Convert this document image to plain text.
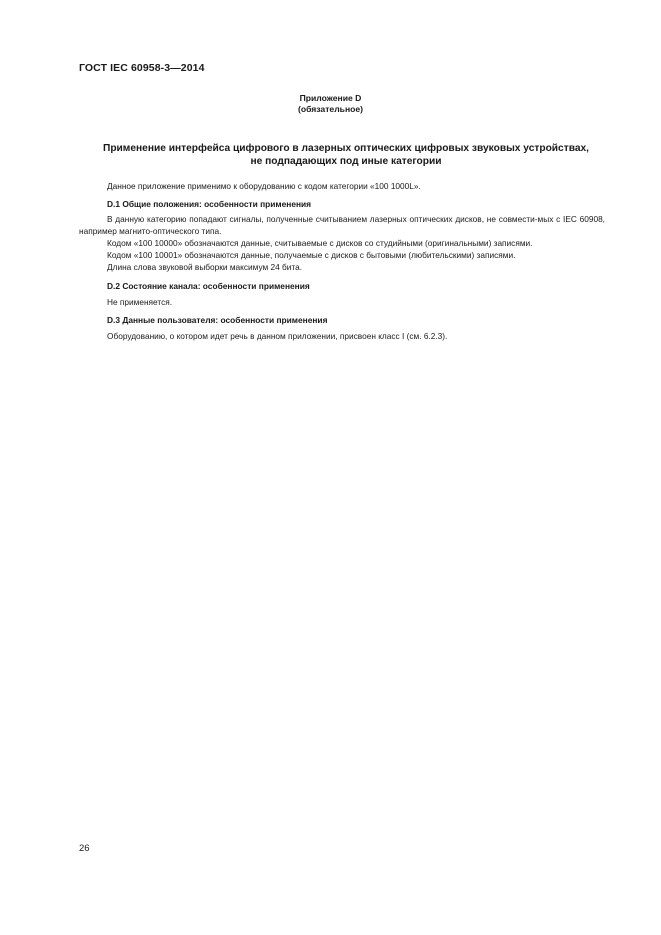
ГОСТ IEC 60958-3—2014
Приложение D
(обязательное)
Применение интерфейса цифрового в лазерных оптических цифровых звуковых устройствах,
не подпадающих под иные категории
Данное приложение применимо к оборудованию с кодом категории «100 1000L».
D.1 Общие положения: особенности применения
В данную категорию попадают сигналы, полученные считыванием лазерных оптических дисков, не совмести-мых с IEC 60908, например магнито-оптического типа.
Кодом «100 10000» обозначаются данные, считываемые с дисков со студийными (оригинальными) записями.
Кодом «100 10001» обозначаются данные, получаемые с дисков с бытовыми (любительскими) записями.
Длина слова звуковой выборки максимум 24 бита.
D.2 Состояние канала: особенности применения
Не применяется.
D.3 Данные пользователя: особенности применения
Оборудованию, о котором идет речь в данном приложении, присвоен класс I (см. 6.2.3).
26
